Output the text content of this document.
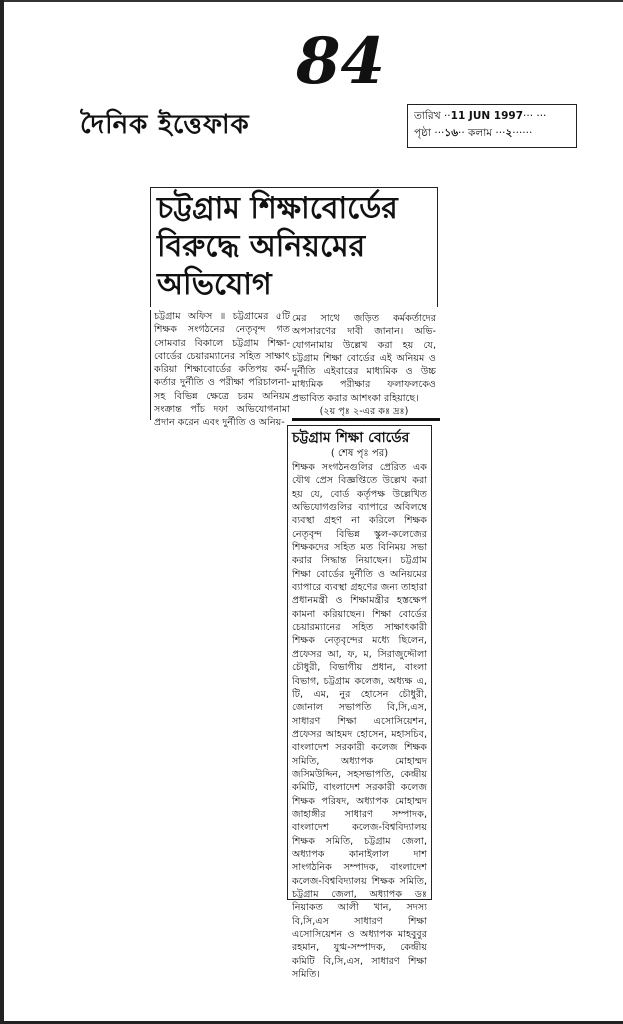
84
দৈনিক ইত্তেফাক	তারিখ ··11 JUN 1997··· ···
পৃষ্ঠা ···১৬·· কলাম ···২······
চট্টগ্রাম শিক্ষাবোর্ডের বিরুদ্ধে অনিয়মের অভিযোগ
চট্টগ্রাম অফিস ॥ চট্টগ্রামের ৫টি শিক্ষক সংগঠনের নেতৃবৃন্দ গত সোমবার বিকালে চট্টগ্রাম শিক্ষা-বোর্ডের চেয়ারম্যানের সহিত সাক্ষাৎ করিয়া শিক্ষাবোর্ডের কতিপয় কর্ম-কর্তার দুর্নীতি ও পরীক্ষা পরিচালনা-সহ বিভিন্ন ক্ষেত্রে চরম অনিয়ম সংক্রান্ত পাঁচ দফা অভিযোগনামা প্রদান করেন এবং দুর্নীতি ও অনিয়-
মের সাথে জড়িত কর্মকর্তাদের অপসারণের দাবী জানান। অভি-যোগনামায় উল্লেখ করা হয় যে, চট্টগ্রাম শিক্ষা বোর্ডের এই অনিয়ম ও দুর্নীতি এইবারের মাধ্যমিক ও উচ্চ মাধ্যমিক পরীক্ষার ফলাফলকেও প্রভাবিত করার আশংকা রহিয়াছে।
(২য় পৃঃ ২-এর কঃ দ্রঃ)
চট্টগ্রাম শিক্ষা বোর্ডের
( শেষ পৃঃ পর)
শিক্ষক সংগঠনগুলির প্রেরিত এক যৌথ প্রেস বিজ্ঞপ্তিতে উল্লেখ করা হয় যে, বোর্ড কর্তৃপক্ষ উল্লেখিত অভিযোগগুলির ব্যাপারে অবিলম্বে ব্যবস্থা গ্রহণ না করিলে শিক্ষক নেতৃবৃন্দ বিভিন্ন স্কুল-কলেজের শিক্ষকদের সহিত মত বিনিময় সভা করার সিদ্ধান্ত নিয়াছেন। চট্টগ্রাম শিক্ষা বোর্ডের দুর্নীতি ও অনিয়মের ব্যাপারে ব্যবস্থা গ্রহণের জন্য তাহারা প্রধানমন্ত্রী ও শিক্ষামন্ত্রীর হস্তক্ষেপ কামনা করিয়াছেন। শিক্ষা বোর্ডের চেয়ারম্যানের সহিত সাক্ষাৎকারী শিক্ষক নেতৃবৃন্দের মধ্যে ছিলেন, প্রফেসর আ, ফ, ম, সিরাজুদ্দৌলা চৌধুরী, বিভাগীয় প্রধান, বাংলা বিভাগ, চট্টগ্রাম কলেজ, অধ্যক্ষ এ, টি, এম, নুর হোসেন চৌধুরী, জোনাল সভাপতি বি,সি,এস, সাধারণ শিক্ষা এসোসিয়েশন, প্রফেসর আহমদ হোসেন, মহাসচিব, বাংলাদেশ সরকারী কলেজ শিক্ষক সমিতি, অধ্যাপক মোহাম্মদ জসিমউদ্দিন, সহসভাপতি, কেন্দ্রীয় কমিটি, বাংলাদেশ সরকারী কলেজ শিক্ষক পরিষদ, অধ্যাপক মোহাম্মদ জাহাঙ্গীর সাধারণ সম্পাদক, বাংলাদেশ কলেজ-বিশ্ববিদ্যালয় শিক্ষক সমিতি, চট্টগ্রাম জেলা, অধ্যাপক কানাইলাল দাশ সাংগঠনিক সম্পাদক, বাংলাদেশ কলেজ-বিশ্ববিদ্যালয় শিক্ষক সমিতি, চট্টগ্রাম জেলা, অধ্যাপক ডঃ নিয়াকত আলী খান, সদস্য বি,সি,এস সাধারণ শিক্ষা এসোসিয়েশন ও অধ্যাপক মাহবুবুর রহমান, যুগ্ম-সম্পাদক, কেন্দ্রীয় কমিটি বি,সি,এস, সাধারণ শিক্ষা সমিতি।
